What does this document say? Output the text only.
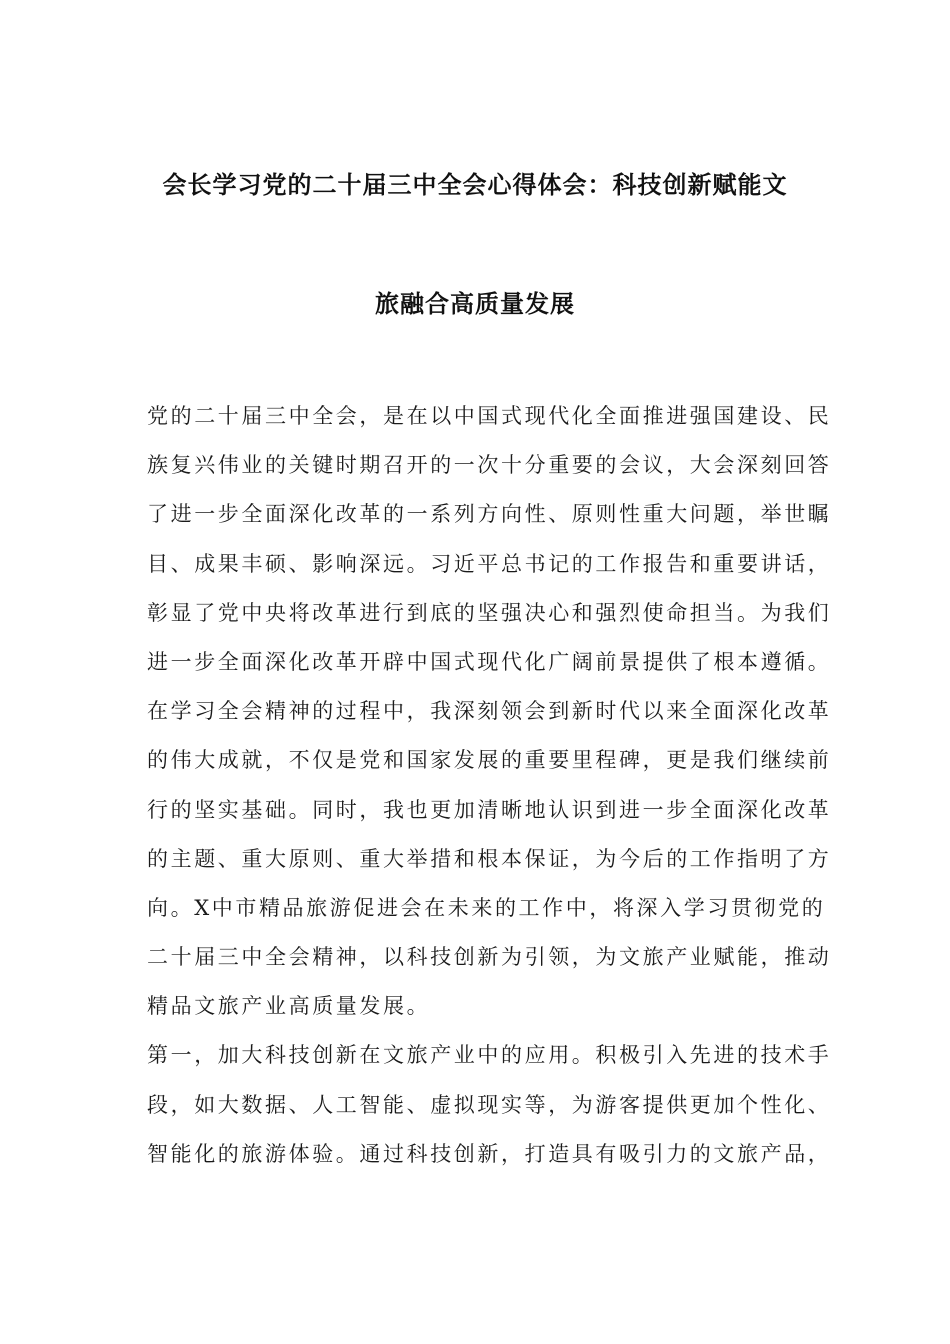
会长学习党的二十届三中全会心得体会：科技创新赋能文
旅融合高质量发展
党的二十届三中全会，是在以中国式现代化全面推进强国建设、民
族复兴伟业的关键时期召开的一次十分重要的会议，大会深刻回答
了进一步全面深化改革的一系列方向性、原则性重大问题，举世瞩
目、成果丰硕、影响深远。习近平总书记的工作报告和重要讲话，
彰显了党中央将改革进行到底的坚强决心和强烈使命担当。为我们
进一步全面深化改革开辟中国式现代化广阔前景提供了根本遵循。
在学习全会精神的过程中，我深刻领会到新时代以来全面深化改革
的伟大成就，不仅是党和国家发展的重要里程碑，更是我们继续前
行的坚实基础。同时，我也更加清晰地认识到进一步全面深化改革
的主题、重大原则、重大举措和根本保证，为今后的工作指明了方
向。X中市精品旅游促进会在未来的工作中，将深入学习贯彻党的
二十届三中全会精神，以科技创新为引领，为文旅产业赋能，推动
精品文旅产业高质量发展。
第一，加大科技创新在文旅产业中的应用。积极引入先进的技术手
段，如大数据、人工智能、虚拟现实等，为游客提供更加个性化、
智能化的旅游体验。通过科技创新，打造具有吸引力的文旅产品，
